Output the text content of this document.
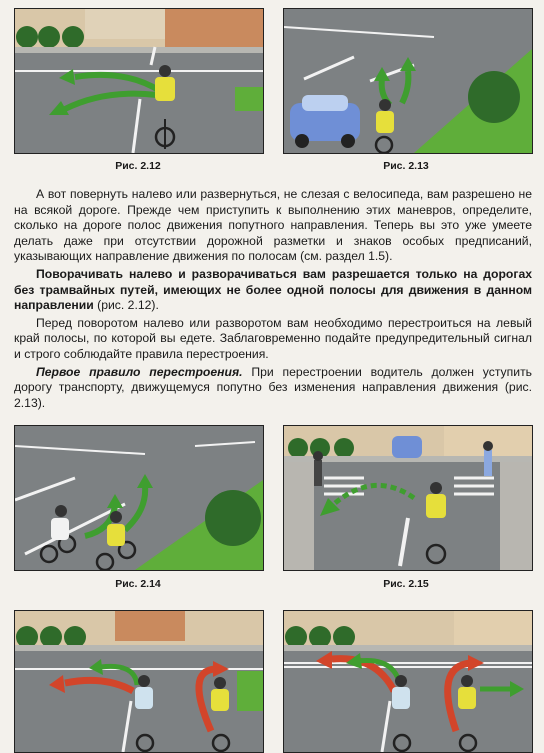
Рис. 2.12	Рис. 2.13

А вот повернуть налево или развернуться, не слезая с велосипеда, вам разрешено не на всякой дороге. Прежде чем приступить к выполнению этих маневров, определите, сколько на дороге полос движения попутного направления. Теперь вы это уже умеете делать даже при отсутствии дорожной разметки и знаков особых предписаний, указывающих направление движения по полосам (см. раздел 1.5).

Поворачивать налево и разворачиваться вам разрешается только на дорогах без трамвайных путей, имеющих не более одной полосы для движения в данном направлении (рис. 2.12).

Перед поворотом налево или разворотом вам необходимо перестроиться на левый край полосы, по которой вы едете. Заблаговременно подайте предупредительный сигнал и строго соблюдайте правила перестроения.

Первое правило перестроения. При перестроении водитель должен уступить дорогу транспорту, движущемуся попутно без изменения направления движения (рис. 2.13).

Рис. 2.14	Рис. 2.15
